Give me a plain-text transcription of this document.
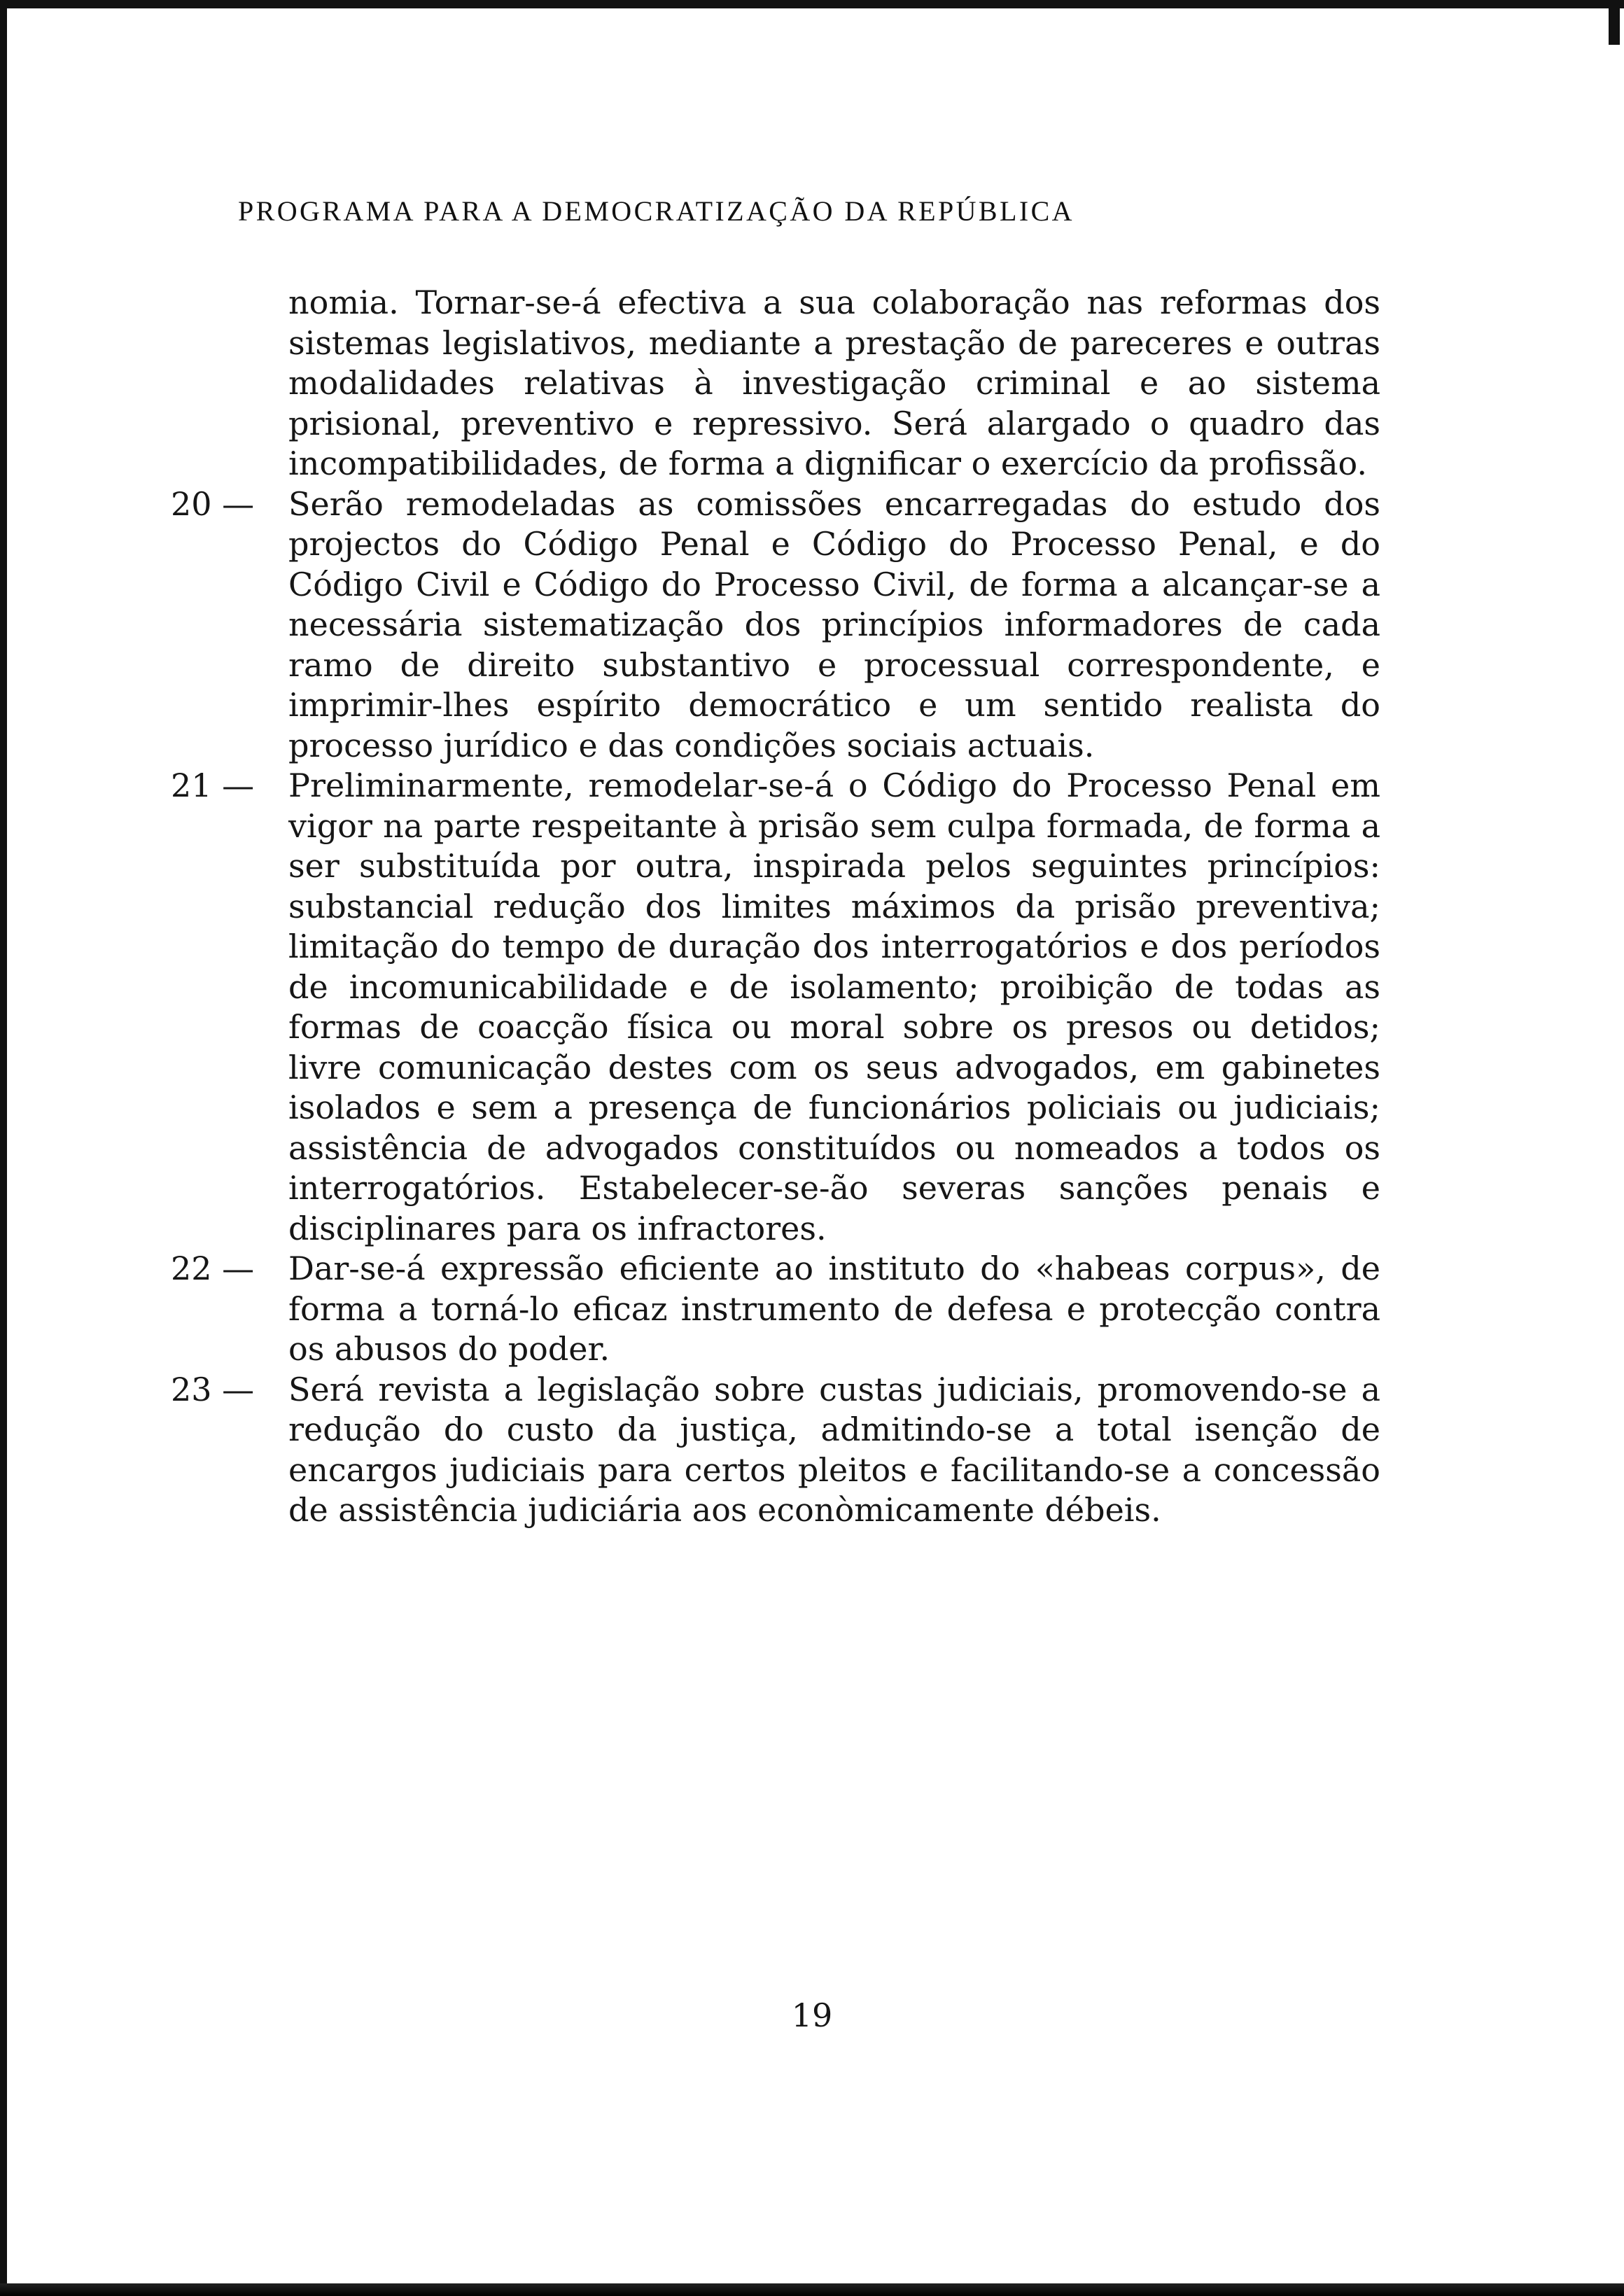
PROGRAMA PARA A DEMOCRATIZAÇÃO DA REPÚBLICA

nomia. Tornar-se-á efectiva a sua colaboração nas reformas dos sistemas legislativos, mediante a prestação de pareceres e outras modalidades relativas à investigação criminal e ao sistema prisional, preventivo e repressivo. Será alargado o quadro das incompatibilidades, de forma a dignificar o exercício da profissão.

20 — Serão remodeladas as comissões encarregadas do estudo dos projectos do Código Penal e Código do Processo Penal, e do Código Civil e Código do Processo Civil, de forma a alcançar-se a necessária sistematização dos princípios informadores de cada ramo de direito substantivo e processual correspondente, e imprimir-lhes espírito democrático e um sentido realista do processo jurídico e das condições sociais actuais.
21 — Preliminarmente, remodelar-se-á o Código do Processo Penal em vigor na parte respeitante à prisão sem culpa formada, de forma a ser substituída por outra, inspirada pelos seguintes princípios: substancial redução dos limites máximos da prisão preventiva; limitação do tempo de duração dos interrogatórios e dos períodos de incomunicabilidade e de isolamento; proibição de todas as formas de coacção física ou moral sobre os presos ou detidos; livre comunicação destes com os seus advogados, em gabinetes isolados e sem a presença de funcionários policiais ou judiciais; assistência de advogados constituídos ou nomeados a todos os interrogatórios. Estabelecer-se-ão severas sanções penais e disciplinares para os infractores.
22 — Dar-se-á expressão eficiente ao instituto do «habeas corpus», de forma a torná-lo eficaz instrumento de defesa e protecção contra os abusos do poder.
23 — Será revista a legislação sobre custas judiciais, promovendo-se a redução do custo da justiça, admitindo-se a total isenção de encargos judiciais para certos pleitos e facilitando-se a concessão de assistência judiciária aos econòmicamente débeis.
19
